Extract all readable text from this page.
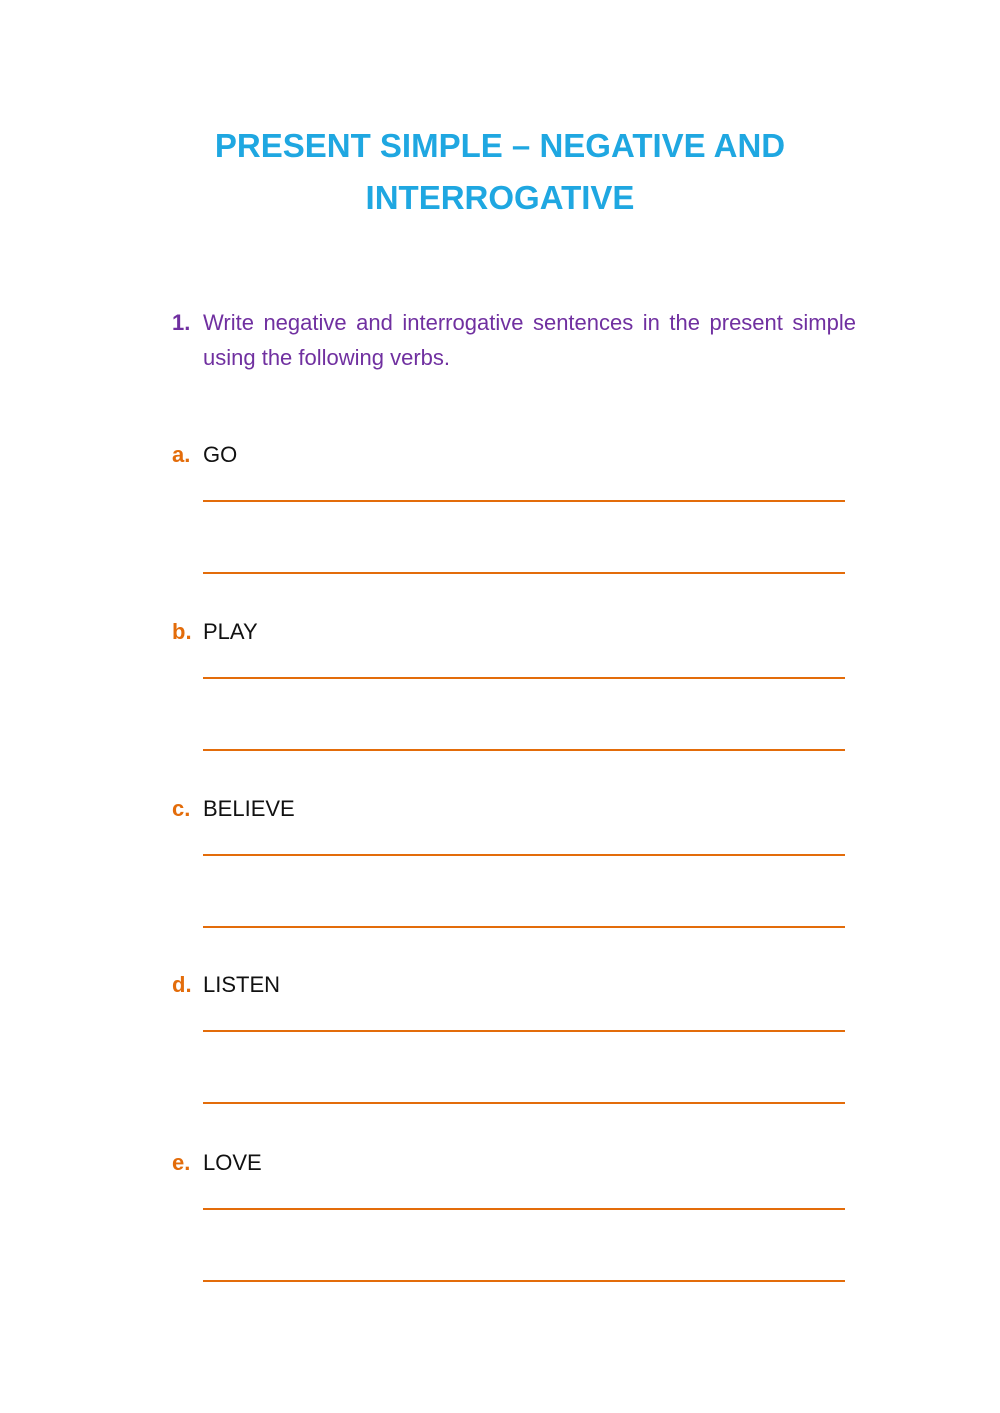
PRESENT SIMPLE – NEGATIVE AND
INTERROGATIVE
1. Write negative and interrogative sentences in the present simple using the following verbs.
a. GO
b. PLAY
c. BELIEVE
d. LISTEN
e. LOVE
